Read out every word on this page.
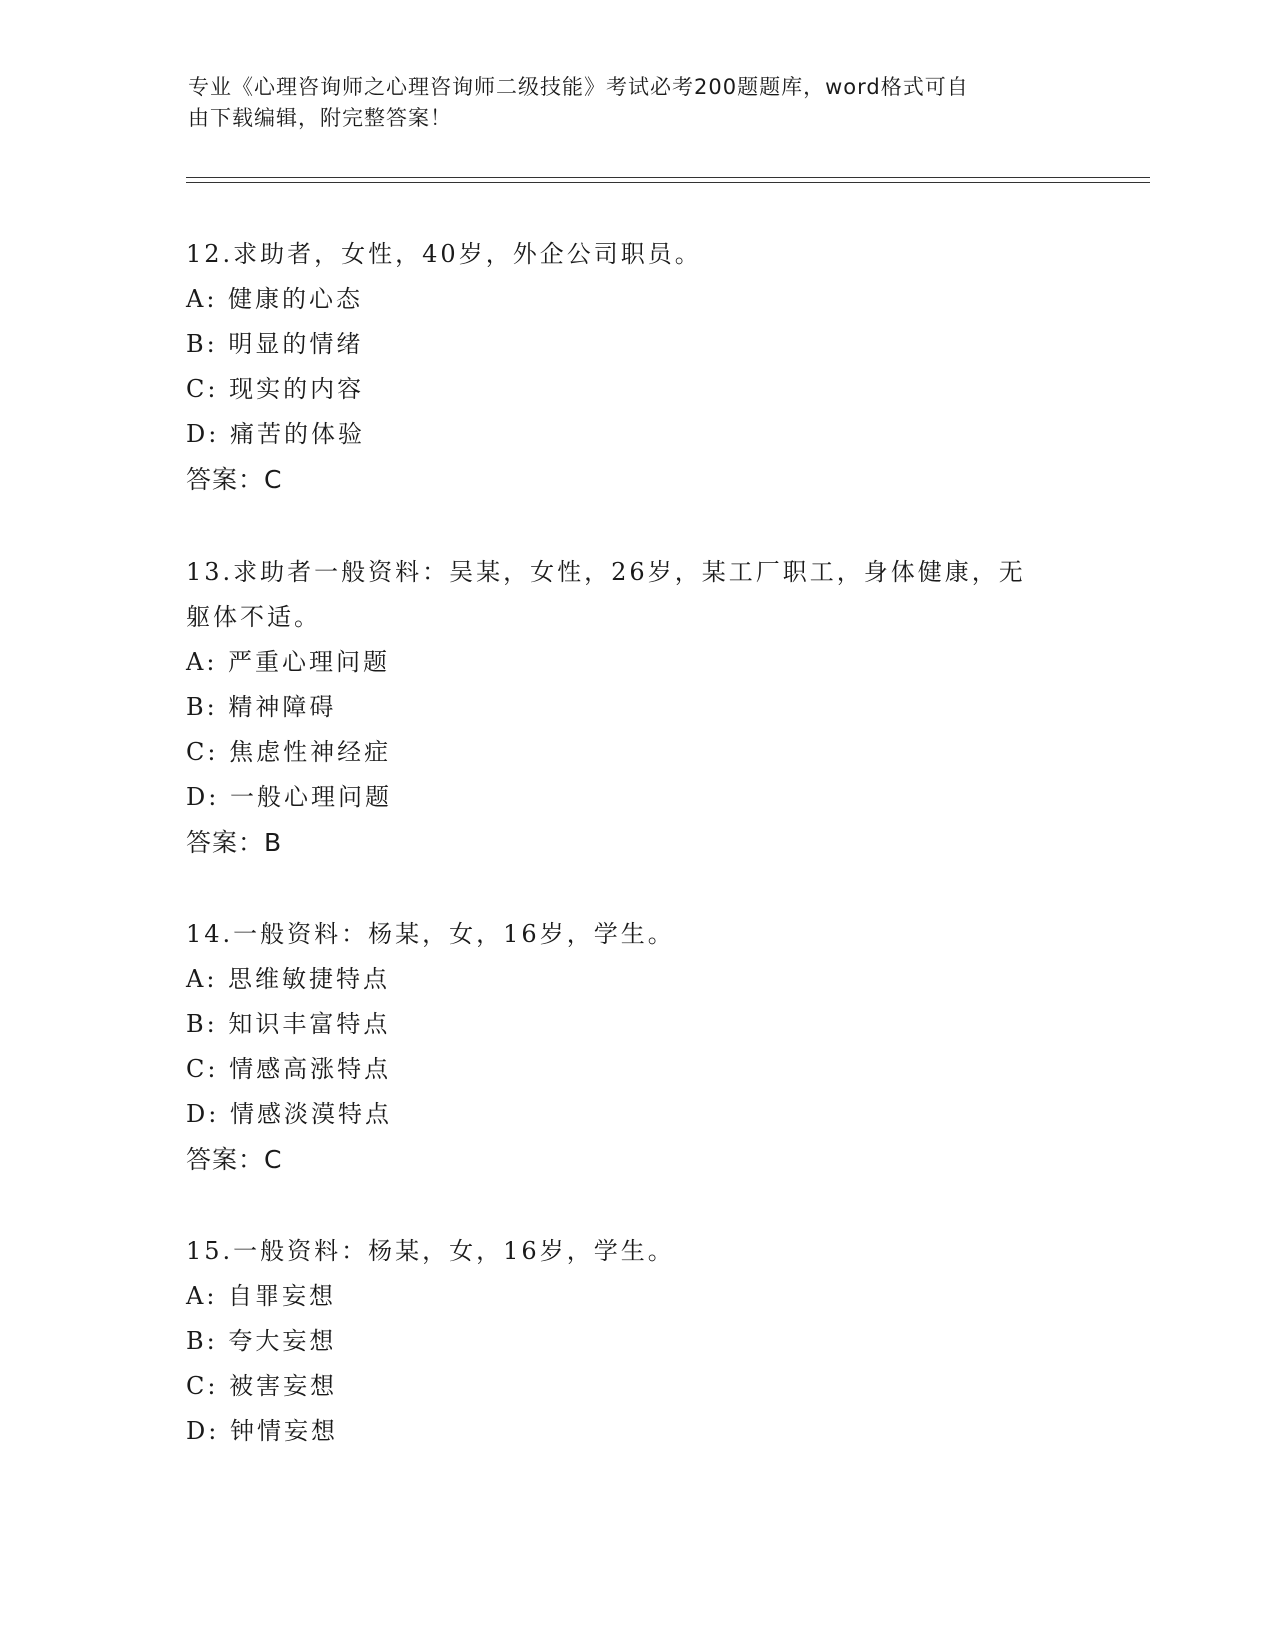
专业《心理咨询师之心理咨询师二级技能》考试必考200题题库，word格式可自
由下载编辑，附完整答案！

12.求助者，女性，40岁，外企公司职员。

A: 健康的心态

B: 明显的情绪

C: 现实的内容

D: 痛苦的体验

答案：C

13.求助者一般资料：吴某，女性，26岁，某工厂职工，身体健康，无

躯体不适。

A: 严重心理问题

B: 精神障碍

C: 焦虑性神经症

D: 一般心理问题

答案：B

14.一般资料：杨某，女，16岁，学生。

A: 思维敏捷特点

B: 知识丰富特点

C: 情感高涨特点

D: 情感淡漠特点

答案：C

15.一般资料：杨某，女，16岁，学生。

A: 自罪妄想

B: 夸大妄想

C: 被害妄想

D: 钟情妄想
